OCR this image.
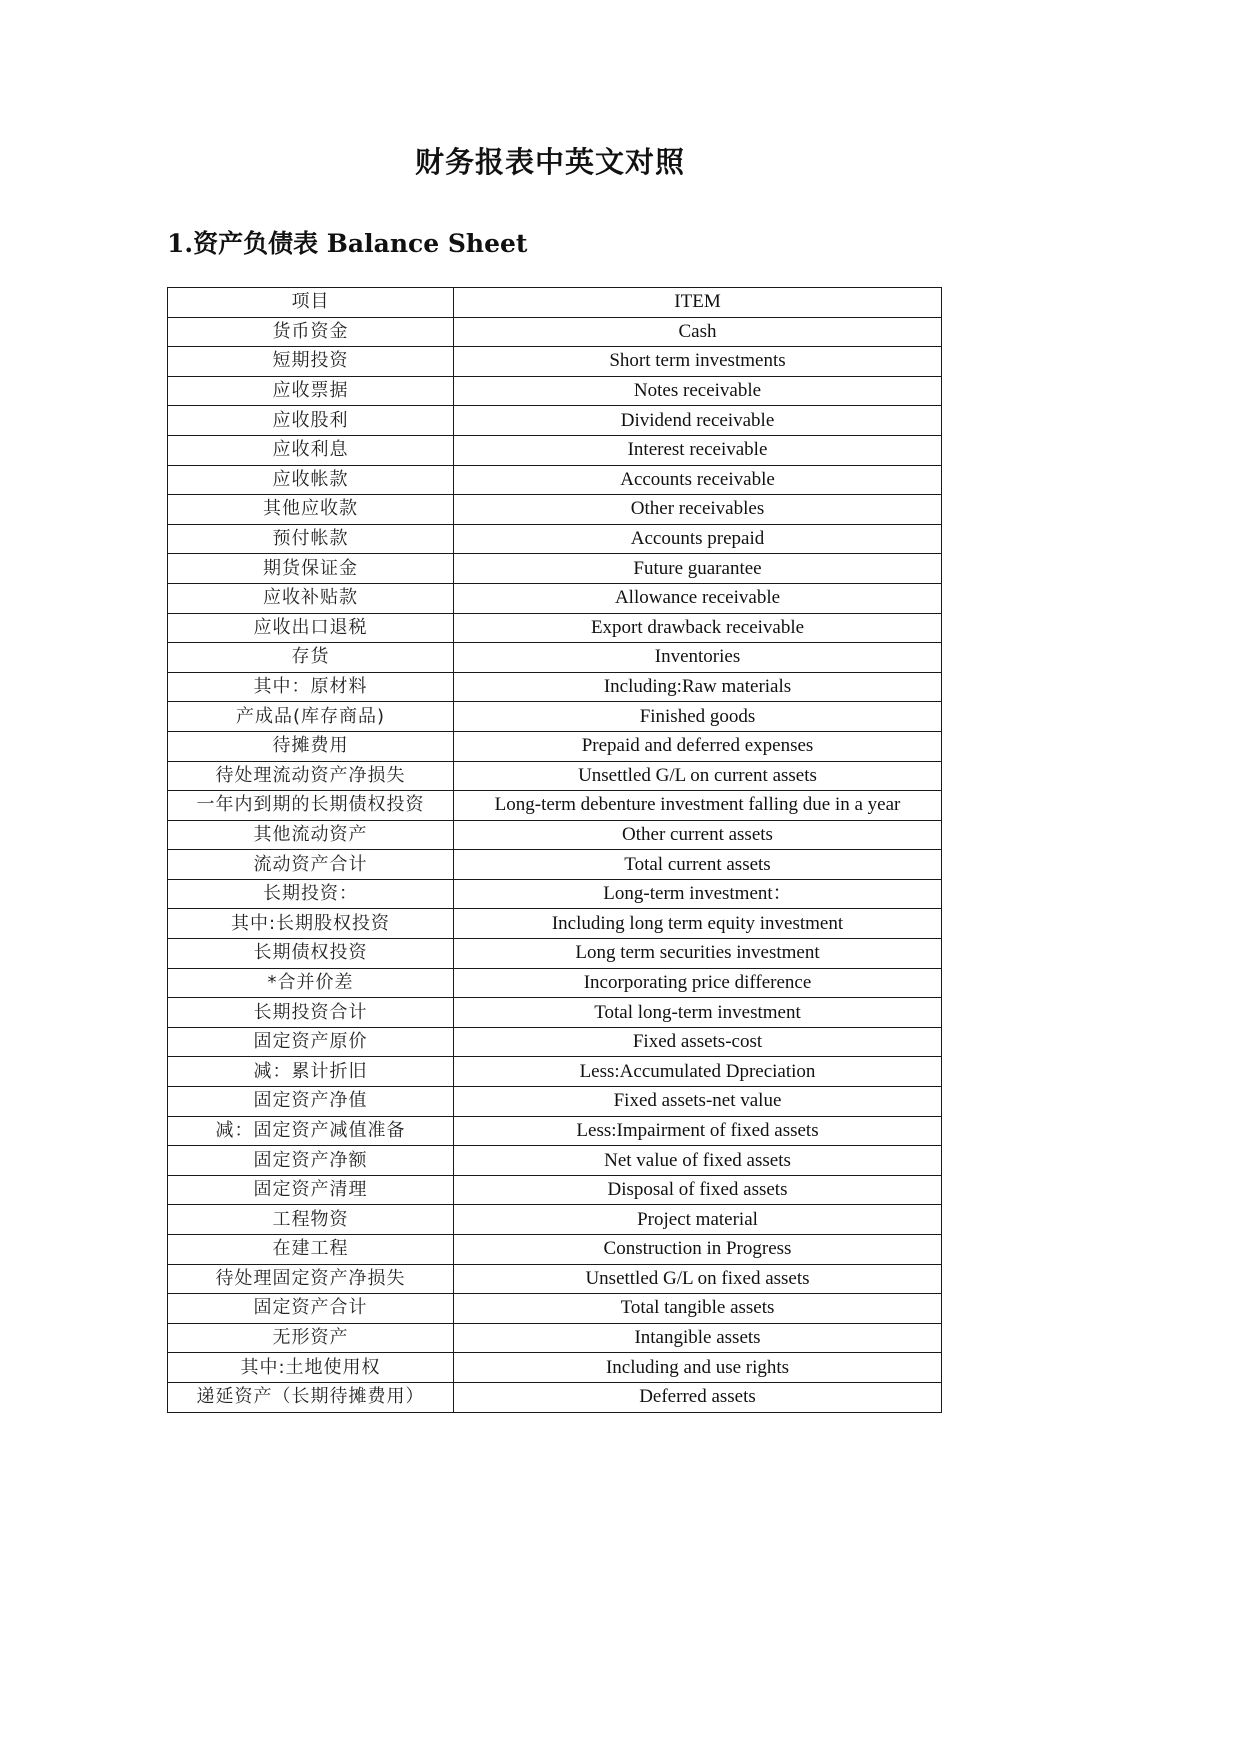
财务报表中英文对照
1.资产负债表 Balance Sheet
项目	ITEM
货币资金	Cash
短期投资	Short term investments
应收票据	Notes receivable
应收股利	Dividend receivable
应收利息	Interest receivable
应收帐款	Accounts receivable
其他应收款	Other receivables
预付帐款	Accounts prepaid
期货保证金	Future guarantee
应收补贴款	Allowance receivable
应收出口退税	Export drawback receivable
存货	Inventories
其中：原材料	Including:Raw materials
产成品(库存商品)	Finished goods
待摊费用	Prepaid and deferred expenses
待处理流动资产净损失	Unsettled G/L on current assets
一年内到期的长期债权投资	Long-term debenture investment falling due in a year
其他流动资产	Other current assets
流动资产合计	Total current assets
长期投资：	Long-term investment：
其中:长期股权投资	Including long term equity investment
长期债权投资	Long term securities investment
*合并价差	Incorporating price difference
长期投资合计	Total long-term investment
固定资产原价	Fixed assets-cost
减：累计折旧	Less:Accumulated Dpreciation
固定资产净值	Fixed assets-net value
减：固定资产减值准备	Less:Impairment of fixed assets
固定资产净额	Net value of fixed assets
固定资产清理	Disposal of fixed assets
工程物资	Project material
在建工程	Construction in Progress
待处理固定资产净损失	Unsettled G/L on fixed assets
固定资产合计	Total tangible assets
无形资产	Intangible assets
其中:土地使用权	Including and use rights
递延资产（长期待摊费用）	Deferred assets
